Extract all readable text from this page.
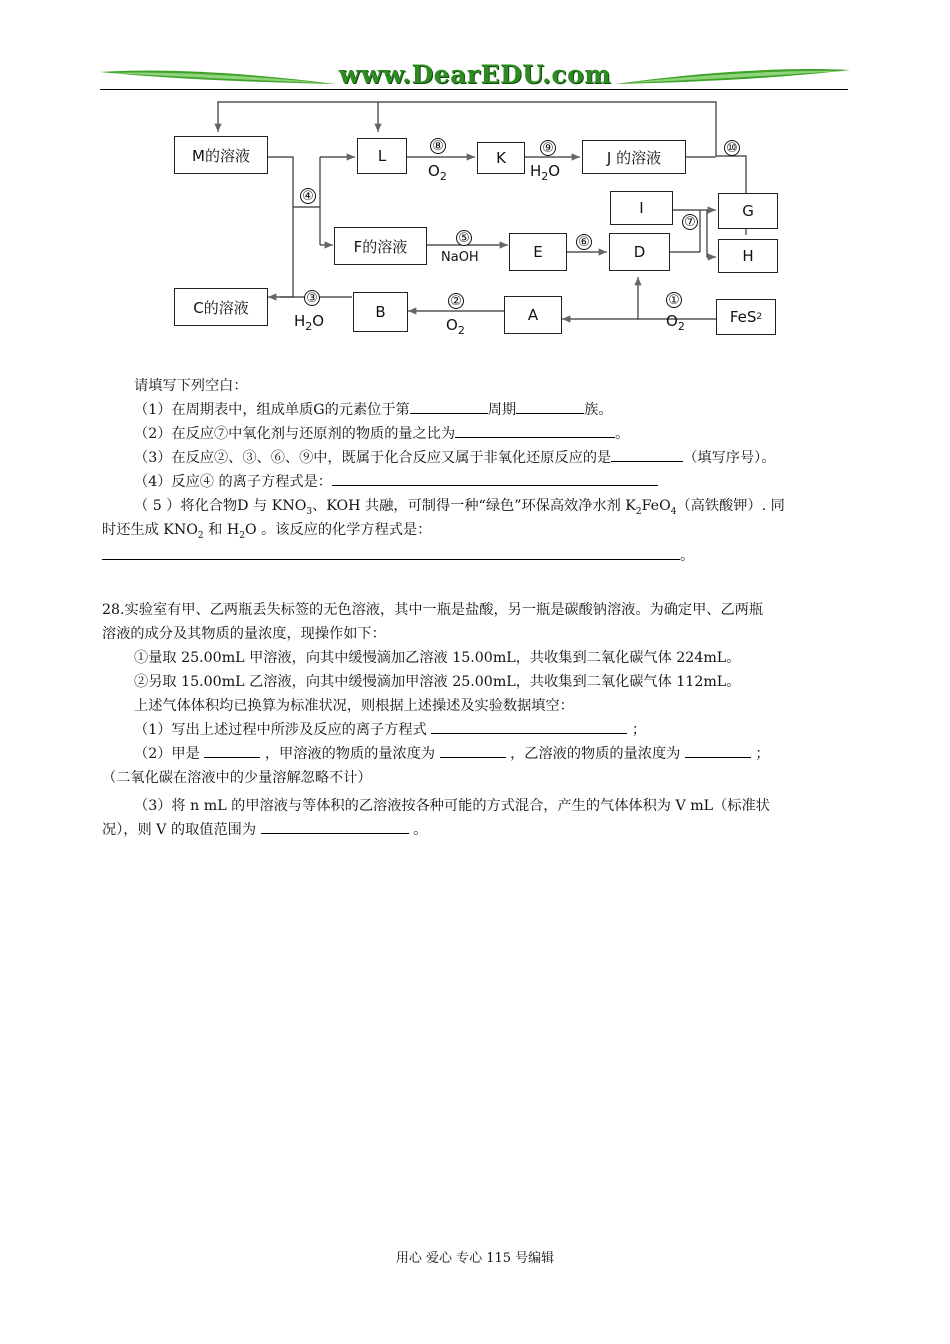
www.DearEDU.com
M的溶液	L	K	J 的溶液
I	G
H
F的溶液	E	D
C的溶液	B	A	FeS 2
⑧
$O_2$
⑨
$H_2O$
⑩
④
⑦
⑤
NaOH
⑥
③
$H_2O$
②
$O_2$
①
$O_2$
请填写下列空白：
（1）在周期表中，组成单质G的元素位于第	周期	族。
（2）在反应⑦中氧化剂与还原剂的物质的量之比为	。
（3）在反应②、③、⑥、⑨中，既属于化合反应又属于非氧化还原反应的是	（填写序号）。
（4）反应④ 的离子方程式是：
（ 5 ）将化合物D 与 $KNO_3$、KOH 共融，可制得一种“绿色”环保高效净水剂 $K_2FeO_4$（高铁酸钾）. 同
时还生成 $KNO_2$ 和 $H_2O$ 。该反应的化学方程式是：
。
28.实验室有甲、乙两瓶丢失标签的无色溶液，其中一瓶是盐酸，另一瓶是碳酸钠溶液。为确定甲、乙两瓶
溶液的成分及其物质的量浓度，现操作如下：
①量取 25.00mL 甲溶液，向其中缓慢滴加乙溶液 15.00mL，共收集到二氧化碳气体 224mL。
②另取 15.00mL 乙溶液，向其中缓慢滴加甲溶液 25.00mL，共收集到二氧化碳气体 112mL。
上述气体体积均已换算为标准状况，则根据上述操述及实验数据填空：
（1）写出上述过程中所涉及反应的离子方程式	；
（2）甲是	，甲溶液的物质的量浓度为	，乙溶液的物质的量浓度为	；
（二氧化碳在溶液中的少量溶解忽略不计）
（3）将 n mL 的甲溶液与等体积的乙溶液按各种可能的方式混合，产生的气体体积为 V mL（标准状
况），则 V 的取值范围为	。
用心 爱心 专心 115 号编辑
